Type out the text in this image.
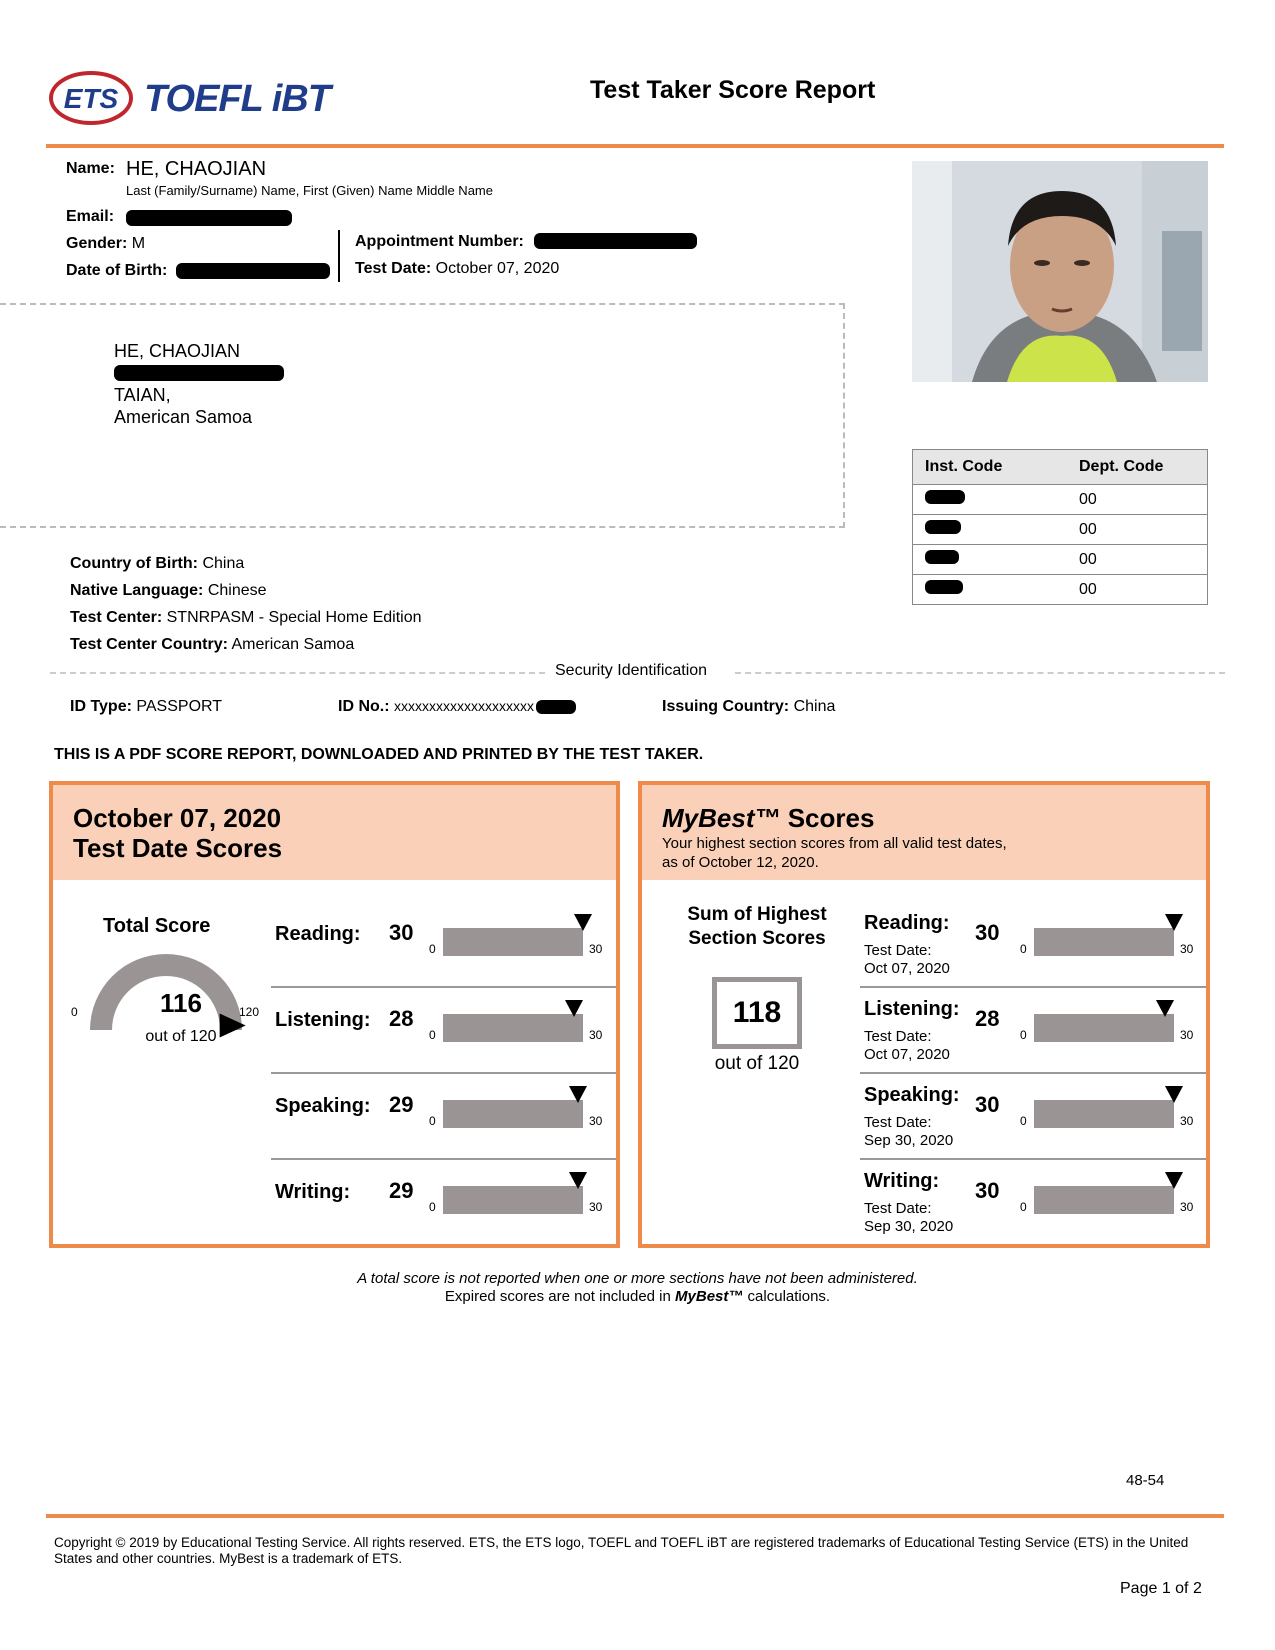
ETS TOEFL iBT	Test Taker Score Report
Name: HE, CHAOJIAN
Last (Family/Surname) Name, First (Given) Name Middle Name
Email:
Gender: M
Date of Birth:
Appointment Number:
Test Date: October 07, 2020
HE, CHAOJIAN
TAIAN,
American Samoa
Inst. Code	Dept. Code
	00
	00
	00
	00
Country of Birth: China
Native Language: Chinese
Test Center: STNRPASM - Special Home Edition
Test Center Country: American Samoa
Security Identification
ID Type: PASSPORT	ID No.: xxxxxxxxxxxxxxxxxxxx	Issuing Country: China
THIS IS A PDF SCORE REPORT, DOWNLOADED AND PRINTED BY THE TEST TAKER.
October 07, 2020
Test Date Scores
Total Score
0	120
116
out of 120
Reading: 30
0	30
Listening: 28
0	30
Speaking: 29
0	30
Writing: 29
0	30
MyBest™ Scores
Your highest section scores from all valid test dates,
as of October 12, 2020.
Sum of Highest
Section Scores
118
out of 120
Reading:
Test Date:
Oct 07, 2020
30
0	30
Listening:
Test Date:
Oct 07, 2020
28
0	30
Speaking:
Test Date:
Sep 30, 2020
30
0	30
Writing:
Test Date:
Sep 30, 2020
30
0	30
A total score is not reported when one or more sections have not been administered.
Expired scores are not included in MyBest™ calculations.
48-54
Copyright © 2019 by Educational Testing Service. All rights reserved. ETS, the ETS logo, TOEFL and TOEFL iBT are registered trademarks of Educational Testing Service (ETS) in the United States and other countries. MyBest is a trademark of ETS.
Page 1 of 2
